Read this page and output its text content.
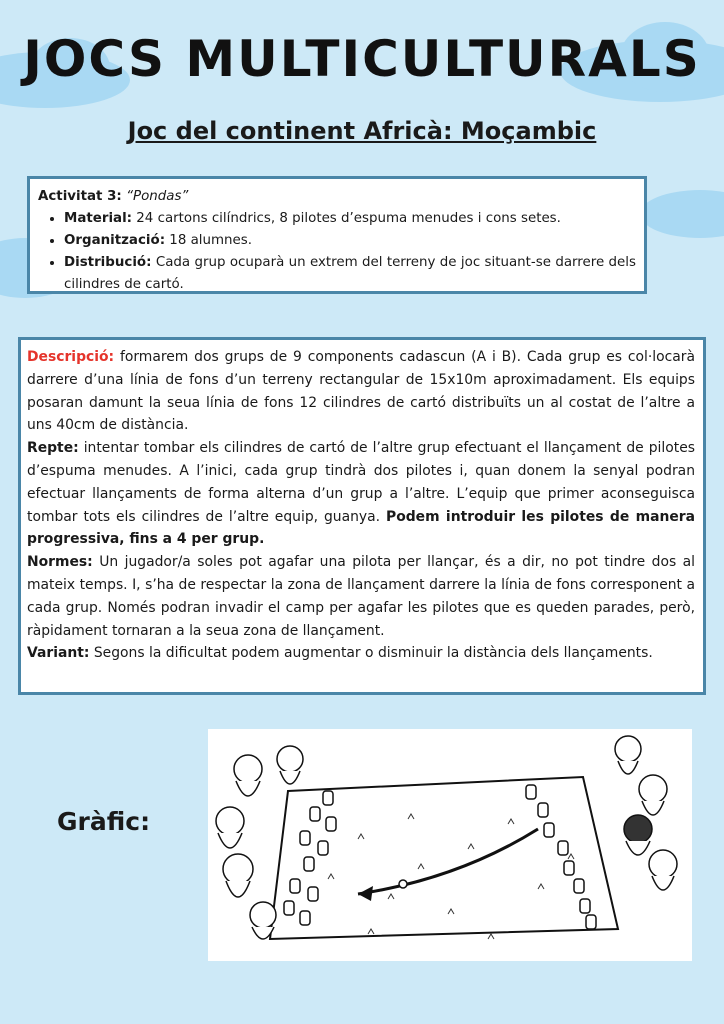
JOCS MULTICULTURALS
Joc del continent Africà: Moçambic
Activitat 3: “Pondas”
• Material: 24 cartons cilíndrics, 8 pilotes d’espuma menudes i cons setes.
• Organització: 18 alumnes.
• Distribució: Cada grup ocuparà un extrem del terreny de joc situant-se darrere dels cilindres de cartó.

Descripció: formarem dos grups de 9 components cadascun (A i B). Cada grup es col·locarà darrere d’una línia de fons d’un terreny rectangular de 15x10m aproximadament. Els equips posaran damunt la seua línia de fons 12 cilindres de cartó distribuïts un al costat de l’altre a uns 40cm de distància.

Repte: intentar tombar els cilindres de cartó de l’altre grup efectuant el llançament de pilotes d’espuma menudes. A l’inici, cada grup tindrà dos pilotes i, quan donem la senyal podran efectuar llançaments de forma alterna d’un grup a l’altre. L’equip que primer aconseguisca tombar tots els cilindres de l’altre equip, guanya. Podem introduir les pilotes de manera progressiva, fins a 4 per grup.

Normes: Un jugador/a soles pot agafar una pilota per llançar, és a dir, no pot tindre dos al mateix temps. I, s’ha de respectar la zona de llançament darrere la línia de fons corresponent a cada grup. Només podran invadir el camp per agafar les pilotes que es queden parades, però, ràpidament tornaran a la seua zona de llançament.

Variant: Segons la dificultat podem augmentar o disminuir la distància dels llançaments.

Gràfic:
